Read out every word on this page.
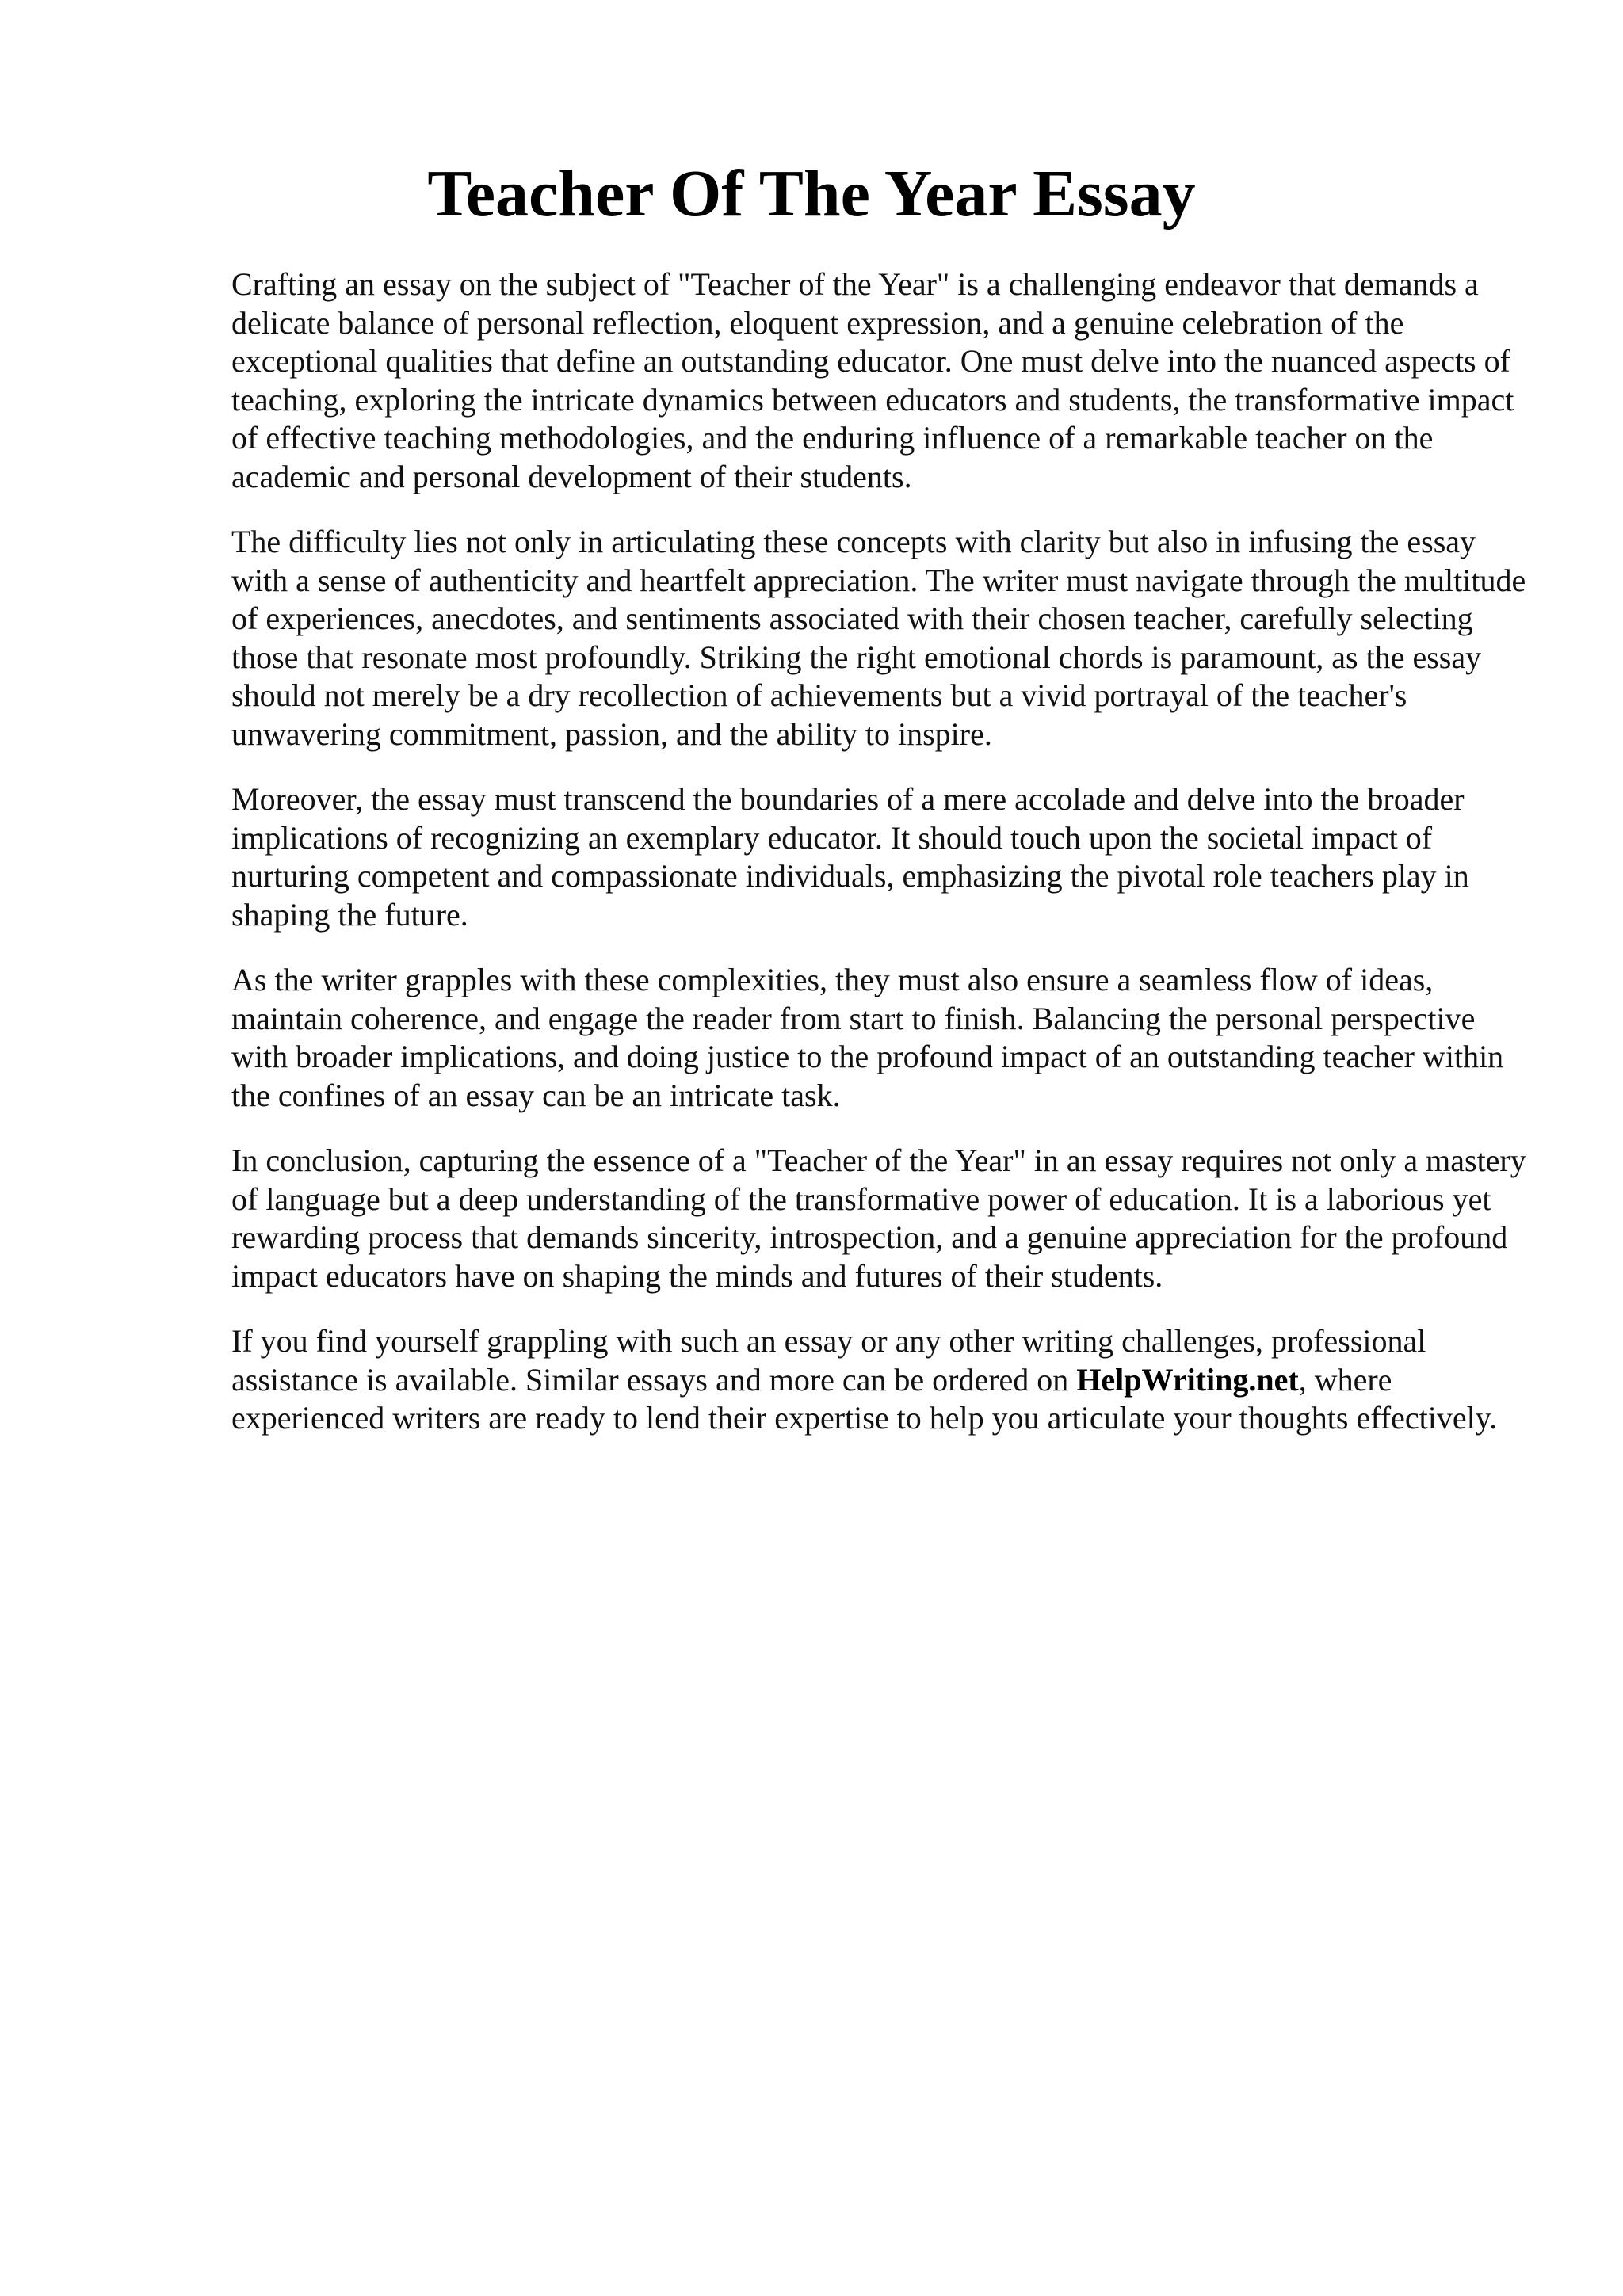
Teacher Of The Year Essay

Crafting an essay on the subject of "Teacher of the Year" is a challenging endeavor that demands a delicate balance of personal reflection, eloquent expression, and a genuine celebration of the exceptional qualities that define an outstanding educator. One must delve into the nuanced aspects of teaching, exploring the intricate dynamics between educators and students, the transformative impact of effective teaching methodologies, and the enduring influence of a remarkable teacher on the academic and personal development of their students.

The difficulty lies not only in articulating these concepts with clarity but also in infusing the essay with a sense of authenticity and heartfelt appreciation. The writer must navigate through the multitude of experiences, anecdotes, and sentiments associated with their chosen teacher, carefully selecting those that resonate most profoundly. Striking the right emotional chords is paramount, as the essay should not merely be a dry recollection of achievements but a vivid portrayal of the teacher's unwavering commitment, passion, and the ability to inspire.

Moreover, the essay must transcend the boundaries of a mere accolade and delve into the broader implications of recognizing an exemplary educator. It should touch upon the societal impact of nurturing competent and compassionate individuals, emphasizing the pivotal role teachers play in shaping the future.

As the writer grapples with these complexities, they must also ensure a seamless flow of ideas, maintain coherence, and engage the reader from start to finish. Balancing the personal perspective with broader implications, and doing justice to the profound impact of an outstanding teacher within the confines of an essay can be an intricate task.

In conclusion, capturing the essence of a "Teacher of the Year" in an essay requires not only a mastery of language but a deep understanding of the transformative power of education. It is a laborious yet rewarding process that demands sincerity, introspection, and a genuine appreciation for the profound impact educators have on shaping the minds and futures of their students.

If you find yourself grappling with such an essay or any other writing challenges, professional assistance is available. Similar essays and more can be ordered on HelpWriting.net, where experienced writers are ready to lend their expertise to help you articulate your thoughts effectively.
